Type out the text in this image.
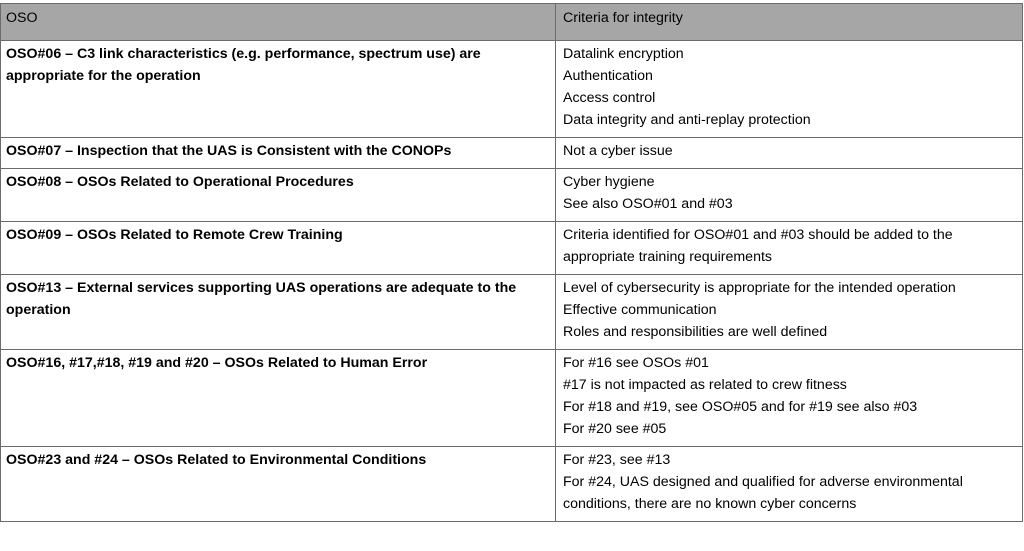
OSO	Criteria for integrity
OSO#06 – C3 link characteristics (e.g. performance, spectrum use) are appropriate for the operation	Datalink encryption
Authentication
Access control
Data integrity and anti-replay protection

OSO#07 – Inspection that the UAS is Consistent with the CONOPs	Not a cyber issue

OSO#08 – OSOs Related to Operational Procedures	Cyber hygiene
See also OSO#01 and #03

OSO#09 – OSOs Related to Remote Crew Training	Criteria identified for OSO#01 and #03 should be added to the appropriate training requirements

OSO#13 – External services supporting UAS operations are adequate to the operation	Level of cybersecurity is appropriate for the intended operation
Effective communication
Roles and responsibilities are well defined

OSO#16, #17,#18, #19 and #20 – OSOs Related to Human Error	For #16 see OSOs #01
#17 is not impacted as related to crew fitness
For #18 and #19, see OSO#05 and for #19 see also #03
For #20 see #05

OSO#23 and #24 – OSOs Related to Environmental Conditions	For #23, see #13
For #24, UAS designed and qualified for adverse environmental conditions, there are no known cyber concerns
